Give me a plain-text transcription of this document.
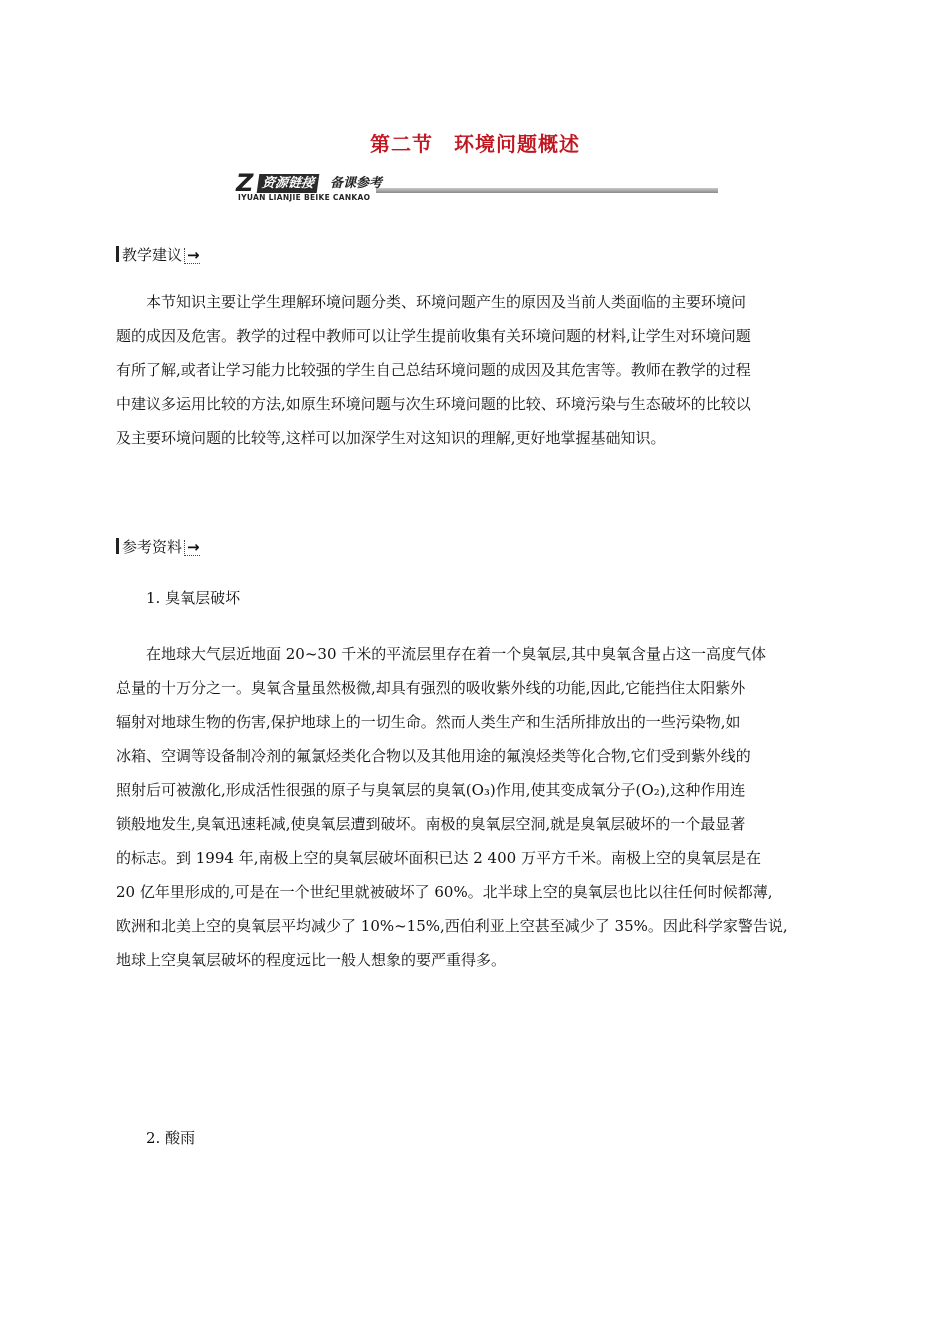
第二节　环境问题概述
Z 资源链接	备课参考
IYUAN LIANJIE BEIKE CANKAO
教学建议 →
本节知识主要让学生理解环境问题分类、环境问题产生的原因及当前人类面临的主要环境问
题的成因及危害。教学的过程中教师可以让学生提前收集有关环境问题的材料,让学生对环境问题
有所了解,或者让学习能力比较强的学生自己总结环境问题的成因及其危害等。教师在教学的过程
中建议多运用比较的方法,如原生环境问题与次生环境问题的比较、环境污染与生态破坏的比较以
及主要环境问题的比较等,这样可以加深学生对这知识的理解,更好地掌握基础知识。
参考资料 →
1. 臭氧层破坏
在地球大气层近地面 20~30 千米的平流层里存在着一个臭氧层,其中臭氧含量占这一高度气体
总量的十万分之一。臭氧含量虽然极微,却具有强烈的吸收紫外线的功能,因此,它能挡住太阳紫外
辐射对地球生物的伤害,保护地球上的一切生命。然而人类生产和生活所排放出的一些污染物,如
冰箱、空调等设备制冷剂的氟氯烃类化合物以及其他用途的氟溴烃类等化合物,它们受到紫外线的
照射后可被激化,形成活性很强的原子与臭氧层的臭氧(O₃)作用,使其变成氧分子(O₂),这种作用连
锁般地发生,臭氧迅速耗减,使臭氧层遭到破坏。南极的臭氧层空洞,就是臭氧层破坏的一个最显著
的标志。到 1994 年,南极上空的臭氧层破坏面积已达 2 400 万平方千米。南极上空的臭氧层是在
20 亿年里形成的,可是在一个世纪里就被破坏了 60%。北半球上空的臭氧层也比以往任何时候都薄,
欧洲和北美上空的臭氧层平均减少了 10%~15%,西伯利亚上空甚至减少了 35%。因此科学家警告说,
地球上空臭氧层破坏的程度远比一般人想象的要严重得多。
2. 酸雨
